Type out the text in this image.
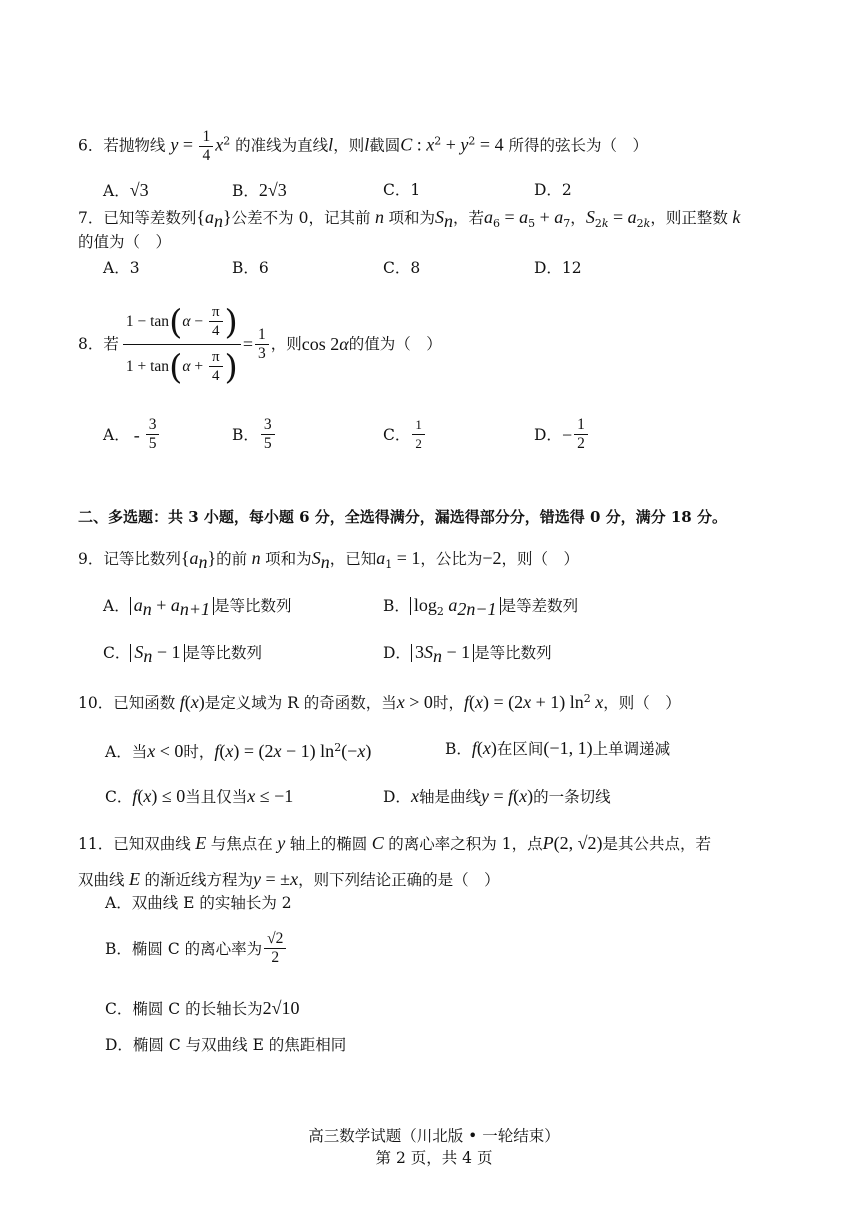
6．若抛物线 $y = \frac{1}{4} x^2$ 的准线为直线l，则l截圆C : $x^2 + y^2 = 4$ 所得的弦长为（　）
A．√3	B．2√3	C．1	D．2
7．已知等差数列$\{a_n\}$公差不为 0，记其前 n 项和为$S_n$，若$a_6 = a_5 + a_7$，$S_{2k} = a_{2k}$，则正整数 k
的值为（　）
A．3	B．6	C．8	D．12
8．若 $\frac{1 - \tan(\alpha - \frac{\pi}{4} )}{1 + \tan(\alpha + \frac{\pi}{4} )} = \frac{1}{3}$ ，则 cos 2α 的值为（　）
A． - $\frac{3}{5}$	B． $\frac{3}{5}$	C． $\frac{1}{2}$	D． − $\frac{1}{2}$
二、多选题：共 3 小题，每小题 6 分，全选得满分，漏选得部分分，错选得 0 分，满分 18 分。
9．记等比数列$\{a_n\}$的前 n 项和为$S_n$，已知$a_1 = 1$，公比为−2，则（　）
A． $a_n + a_{n+1}$ 是等比数列	B． $\log_2 a_{2n-1}$ 是等差数列
C． $S_n - 1$ 是等比数列	D． $3S_n - 1$ 是等比数列
10．已知函数 f(x)是定义域为 R 的奇函数，当x > 0时，f(x) = (2x + 1) $\ln^2 x$，则（　）
A．当x < 0时，f(x) = (2x − 1) $\ln^2(-x)$	B．f(x)在区间(−1, 1)上单调递减
C．f(x) ≤ 0当且仅当x ≤ −1	D．x轴是曲线y = f(x)的一条切线
11．已知双曲线 E 与焦点在 y 轴上的椭圆 C 的离心率之积为 1，点P(2, √2)是其公共点，若
双曲线 E 的渐近线方程为y = ±x，则下列结论正确的是（　）
A．双曲线 E 的实轴长为 2
B．椭圆 C 的离心率为 $\frac{√2}{2}$
C．椭圆 C 的长轴长为2√10
D．椭圆 C 与双曲线 E 的焦距相同
高三数学试题（川北版 • 一轮结束）
第 2 页，共 4 页
